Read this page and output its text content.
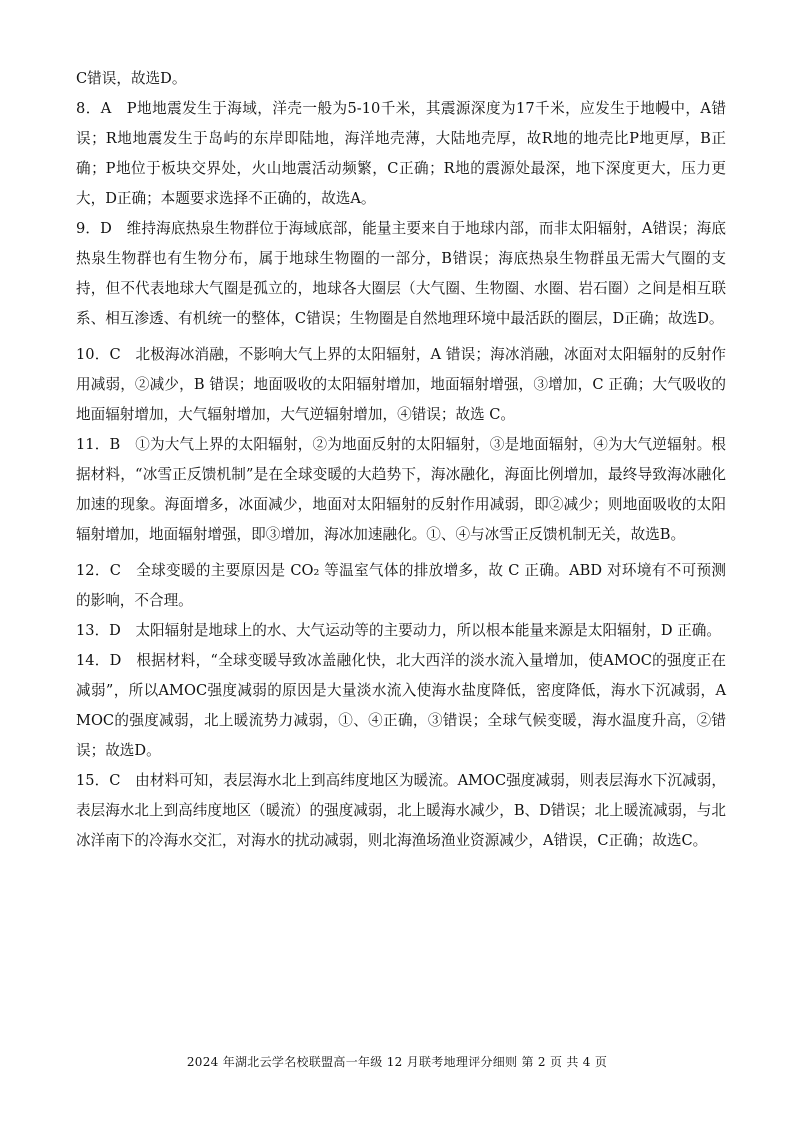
C错误，故选D。

8．A　P地地震发生于海域，洋壳一般为5-10千米，其震源深度为17千米，应发生于地幔中，A错误；R地地震发生于岛屿的东岸即陆地，海洋地壳薄，大陆地壳厚，故R地的地壳比P地更厚，B正确；P地位于板块交界处，火山地震活动频繁，C正确；R地的震源处最深，地下深度更大，压力更大，D正确；本题要求选择不正确的，故选A。

9．D　维持海底热泉生物群位于海域底部，能量主要来自于地球内部，而非太阳辐射，A错误；海底热泉生物群也有生物分布，属于地球生物圈的一部分，B错误；海底热泉生物群虽无需大气圈的支持，但不代表地球大气圈是孤立的，地球各大圈层（大气圈、生物圈、水圈、岩石圈）之间是相互联系、相互渗透、有机统一的整体，C错误；生物圈是自然地理环境中最活跃的圈层，D正确；故选D。

10．C　北极海冰消融，不影响大气上界的太阳辐射，A 错误；海冰消融，冰面对太阳辐射的反射作用减弱，②减少，B 错误；地面吸收的太阳辐射增加，地面辐射增强，③增加，C 正确；大气吸收的地面辐射增加，大气辐射增加，大气逆辐射增加，④错误；故选 C。

11．B　①为大气上界的太阳辐射，②为地面反射的太阳辐射，③是地面辐射，④为大气逆辐射。根据材料，“冰雪正反馈机制”是在全球变暖的大趋势下，海冰融化，海面比例增加，最终导致海冰融化加速的现象。海面增多，冰面减少，地面对太阳辐射的反射作用减弱，即②减少；则地面吸收的太阳辐射增加，地面辐射增强，即③增加，海冰加速融化。①、④与冰雪正反馈机制无关，故选B。

12．C　全球变暖的主要原因是 CO₂ 等温室气体的排放增多，故 C 正确。ABD 对环境有不可预测的影响，不合理。

13．D　太阳辐射是地球上的水、大气运动等的主要动力，所以根本能量来源是太阳辐射，D 正确。

14．D　根据材料，“全球变暖导致冰盖融化快，北大西洋的淡水流入量增加，使AMOC的强度正在减弱”，所以AMOC强度减弱的原因是大量淡水流入使海水盐度降低，密度降低，海水下沉减弱，AMOC的强度减弱，北上暖流势力减弱，①、④正确，③错误；全球气候变暖，海水温度升高，②错误；故选D。

15．C　由材料可知，表层海水北上到高纬度地区为暖流。AMOC强度减弱，则表层海水下沉减弱，表层海水北上到高纬度地区（暖流）的强度减弱，北上暖海水减少，B、D错误；北上暖流减弱，与北冰洋南下的冷海水交汇，对海水的扰动减弱，则北海渔场渔业资源减少，A错误，C正确；故选C。

2024 年湖北云学名校联盟高一年级 12 月联考地理评分细则 第 2 页 共 4 页
